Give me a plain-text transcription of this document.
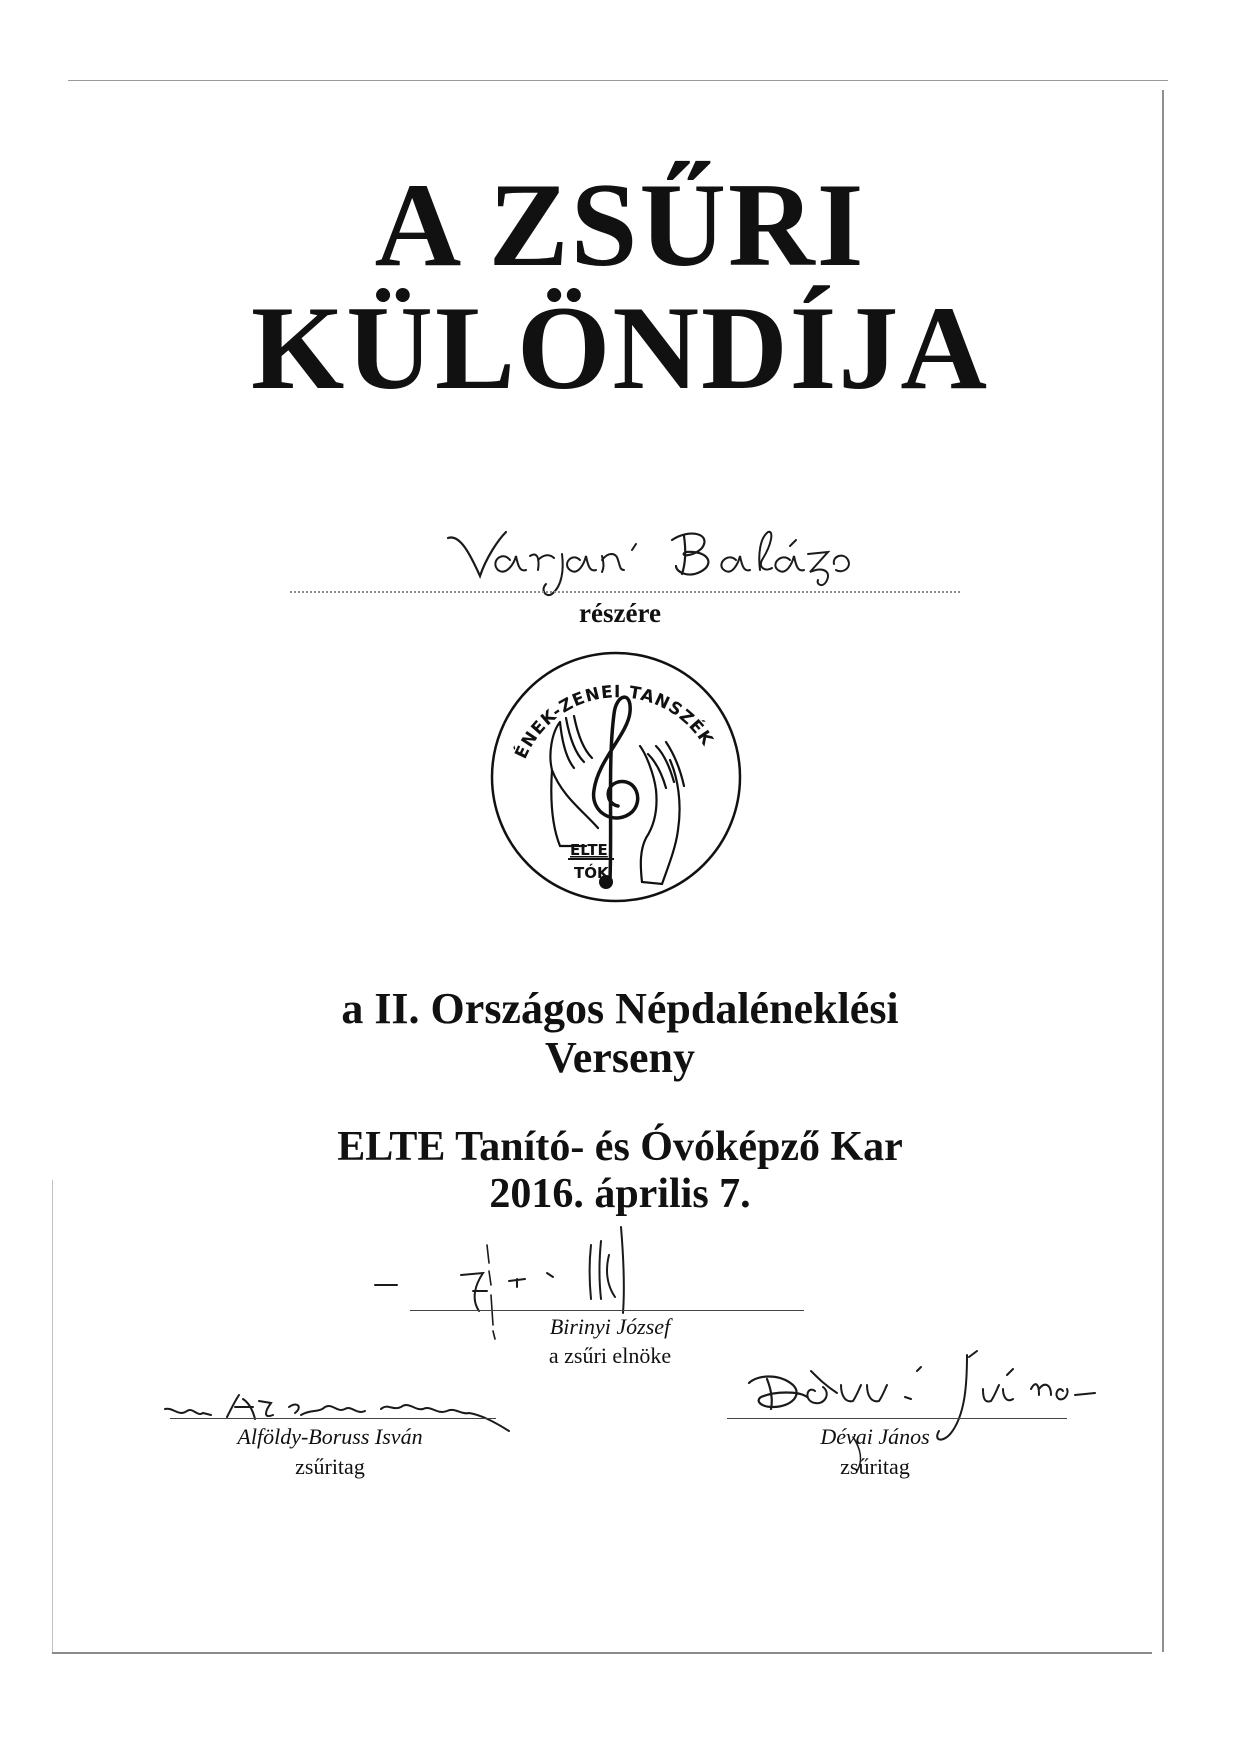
A ZSŰRI
KÜLÖNDÍJA
részére
ÉNEK-ZENEI TANSZÉK
ELTE
TÓK
a II. Országos Népdaléneklési
Verseny
ELTE Tanító- és Óvóképző Kar
2016. április 7.
Birinyi József
a zsűri elnöke
Alföldy-Boruss Isván
zsűritag
Dévai János
zsűritag
